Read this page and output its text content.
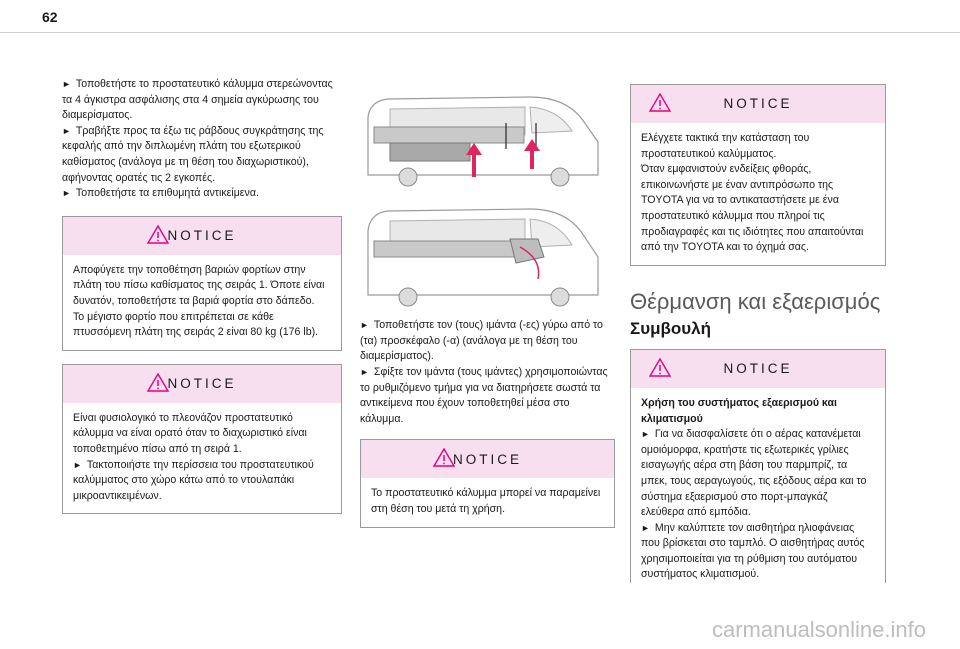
62

► Τοποθετήστε το προστατευτικό κάλυμμα στερεώνοντας τα 4 άγκιστρα ασφάλισης στα 4 σημεία αγκύρωσης του διαμερίσματος.

► Τραβήξτε προς τα έξω τις ράβδους συγκράτησης της κεφαλής από την διπλωμένη πλάτη του εξωτερικού καθίσματος (ανάλογα με τη θέση του διαχωριστικού), αφήνοντας ορατές τις 2 εγκοπές.

► Τοποθετήστε τα επιθυμητά αντικείμενα.

NOTICE

Αποφύγετε την τοποθέτηση βαριών φορτίων στην πλάτη του πίσω καθίσματος της σειράς 1. Όποτε είναι δυνατόν, τοποθετήστε τα βαριά φορτία στο δάπεδο.

Το μέγιστο φορτίο που επιτρέπεται σε κάθε πτυσσόμενη πλάτη της σειράς 2 είναι 80 kg (176 lb).

NOTICE

Είναι φυσιολογικό το πλεονάζον προστατευτικό κάλυμμα να είναι ορατό όταν το διαχωριστικό είναι τοποθετημένο πίσω από τη σειρά 1.

► Τακτοποιήστε την περίσσεια του προστατευτικού καλύμματος στο χώρο κάτω από το ντουλαπάκι μικροαντικειμένων.

► Τοποθετήστε τον (τους) ιμάντα (-ες) γύρω από το (τα) προσκέφαλο (-α) (ανάλογα με τη θέση του διαμερίσματος).

► Σφίξτε τον ιμάντα (τους ιμάντες) χρησιμοποιώντας το ρυθμιζόμενο τμήμα για να διατηρήσετε σωστά τα αντικείμενα που έχουν τοποθετηθεί μέσα στο κάλυμμα.

NOTICE

Το προστατευτικό κάλυμμα μπορεί να παραμείνει στη θέση του μετά τη χρήση.

NOTICE

Ελέγχετε τακτικά την κατάσταση του προστατευτικού καλύμματος.

Όταν εμφανιστούν ενδείξεις φθοράς, επικοινωνήστε με έναν αντιπρόσωπο της TOYOTA για να το αντικαταστήσετε με ένα προστατευτικό κάλυμμα που πληροί τις προδιαγραφές και τις ιδιότητες που απαιτούνται από την TOYOTA και το όχημά σας.

Θέρμανση και εξαερισμός
Συμβουλή
NOTICE

Χρήση του συστήματος εξαερισμού και κλιματισμού

► Για να διασφαλίσετε ότι ο αέρας κατανέμεται ομοιόμορφα, κρατήστε τις εξωτερικές γρίλιες εισαγωγής αέρα στη βάση του παρμπρίζ, τα μπεκ, τους αεραγωγούς, τις εξόδους αέρα και το σύστημα εξαερισμού στο πορτ-μπαγκάζ ελεύθερα από εμπόδια.

► Μην καλύπτετε τον αισθητήρα ηλιοφάνειας που βρίσκεται στο ταμπλό. Ο αισθητήρας αυτός χρησιμοποιείται για τη ρύθμιση του αυτόματου συστήματος κλιματισμού.

carmanualsonline.info
